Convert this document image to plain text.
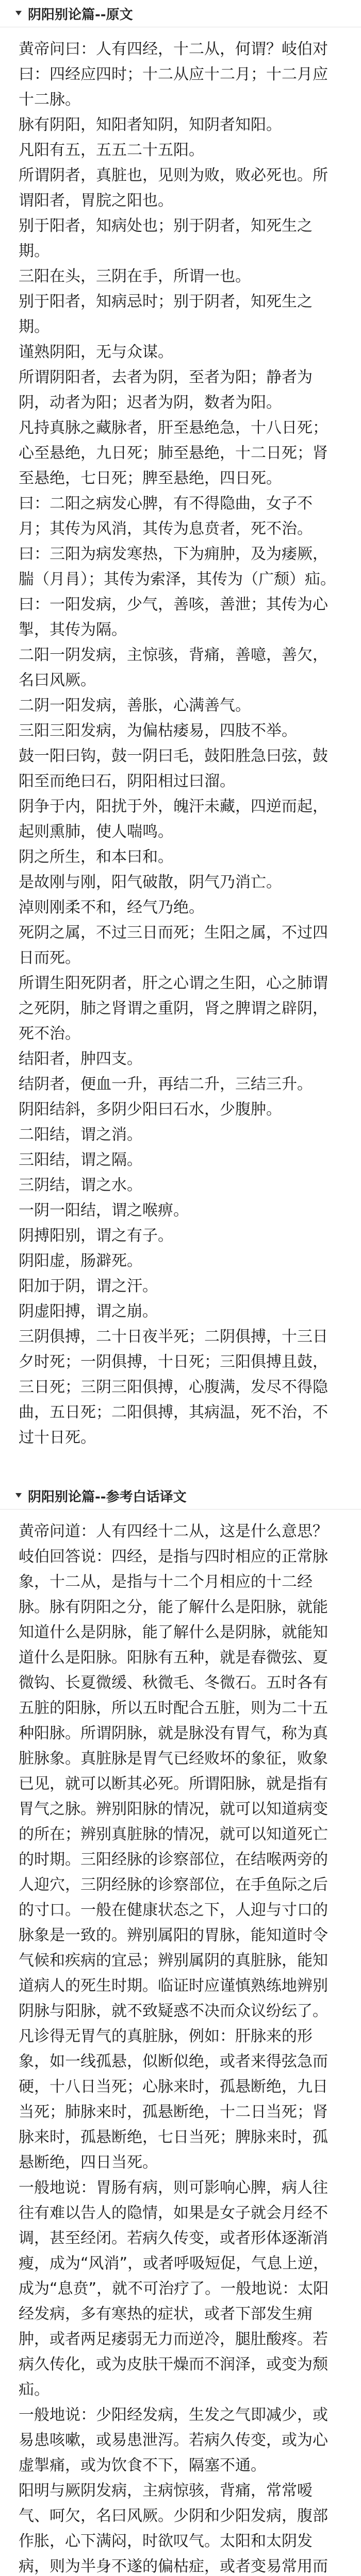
阴阳别论篇--原文

黄帝问曰：人有四经，十二从，何谓？岐伯对曰：四经应四时；十二从应十二月；十二月应十二脉。

脉有阴阳，知阳者知阴，知阴者知阳。

凡阳有五，五五二十五阳。

所谓阴者，真脏也，见则为败，败必死也。所谓阳者，胃脘之阳也。

别于阳者，知病处也；别于阴者，知死生之期。

三阳在头，三阴在手，所谓一也。

别于阳者，知病忌时；别于阴者，知死生之期。

谨熟阴阳，无与众谋。

所谓阴阳者，去者为阴，至者为阳；静者为阴，动者为阳；迟者为阴，数者为阳。

凡持真脉之藏脉者，肝至悬绝急，十八日死；心至悬绝，九日死；肺至悬绝，十二日死；肾至悬绝，七日死；脾至悬绝，四日死。

曰：二阳之病发心脾，有不得隐曲，女子不月；其传为风消，其传为息贲者，死不治。

曰：三阳为病发寒热，下为痈肿，及为痿厥，腨（月肙）；其传为索泽，其传为（广颓）疝。

曰：一阳发病，少气，善咳，善泄；其传为心掣，其传为隔。

二阳一阴发病，主惊骇，背痛，善噫，善欠，名曰风厥。

二阴一阳发病，善胀，心满善气。

三阳三阳发病，为偏枯痿易，四肢不举。

鼓一阳曰钩，鼓一阴曰毛，鼓阳胜急曰弦，鼓阳至而绝曰石，阴阳相过曰溜。

阴争于内，阳扰于外，魄汗未藏，四逆而起，起则熏肺，使人喘鸣。

阴之所生，和本曰和。

是故刚与刚，阳气破散，阴气乃消亡。

淖则刚柔不和，经气乃绝。

死阴之属，不过三日而死；生阳之属，不过四日而死。

所谓生阳死阴者，肝之心谓之生阳，心之肺谓之死阴，肺之肾谓之重阴，肾之脾谓之辟阴，死不治。

结阳者，肿四支。

结阴者，便血一升，再结二升，三结三升。

阴阳结斜，多阴少阳曰石水，少腹肿。

二阳结，谓之消。

三阳结，谓之隔。

三阴结，谓之水。

一阴一阳结，谓之喉痹。

阴搏阳别，谓之有子。

阴阳虚，肠澼死。

阳加于阴，谓之汗。

阴虚阳搏，谓之崩。

三阴俱搏，二十日夜半死；二阴俱搏，十三日夕时死；一阴俱搏，十日死；三阳俱搏且鼓，三日死；三阴三阳俱搏，心腹满，发尽不得隐曲，五日死；二阳俱搏，其病温，死不治，不过十日死。

阴阳别论篇--参考白话译文

黄帝问道：人有四经十二从，这是什么意思？

岐伯回答说：四经，是指与四时相应的正常脉象，十二从，是指与十二个月相应的十二经脉。脉有阴阳之分，能了解什么是阳脉，就能知道什么是阴脉，能了解什么是阴脉，就能知道什么是阳脉。阳脉有五种，就是春微弦、夏微钩、长夏微缓、秋微毛、冬微石。五时各有五脏的阳脉，所以五时配合五脏，则为二十五种阳脉。所谓阴脉，就是脉没有胃气，称为真脏脉象。真脏脉是胃气已经败坏的象征，败象已见，就可以断其必死。所谓阳脉，就是指有胃气之脉。辨别阳脉的情况，就可以知道病变的所在；辨别真脏脉的情况，就可以知道死亡的时期。三阳经脉的诊察部位，在结喉两旁的人迎穴，三阴经脉的诊察部位，在手鱼际之后的寸口。一般在健康状态之下，人迎与寸口的脉象是一致的。辨别属阳的胃脉，能知道时令气候和疾病的宜忌；辨别属阴的真脏脉，能知道病人的死生时期。临证时应谨慎熟练地辨别阴脉与阳脉，就不致疑惑不决而众议纷纭了。

凡诊得无胃气的真脏脉，例如：肝脉来的形象，如一线孤悬，似断似绝，或者来得弦急而硬，十八日当死；心脉来时，孤悬断绝，九日当死；肺脉来时，孤悬断绝，十二日当死；肾脉来时，孤悬断绝，七日当死；脾脉来时，孤悬断绝，四日当死。

一般地说：胃肠有病，则可影响心脾，病人往往有难以告人的隐情，如果是女子就会月经不调，甚至经闭。若病久传变，或者形体逐渐消瘦，成为“风消”，或者呼吸短促，气息上逆，成为“息贲”，就不可治疗了。一般地说：太阳经发病，多有寒热的症状，或者下部发生痈肿，或者两足痿弱无力而逆冷，腿肚酸疼。若病久传化，或为皮肤干燥而不润泽，或变为颓疝。

一般地说：少阳经发病，生发之气即减少，或易患咳嗽，或易患泄泻。若病久传变，或为心虚掣痛，或为饮食不下，隔塞不通。

阳明与厥阴发病，主病惊骇，背痛，常常嗳气、呵欠，名曰风厥。少阴和少阳发病，腹部作胀，心下满闷，时欲叹气。太阳和太阴发病，则为半身不遂的偏枯症，或者变易常用而
